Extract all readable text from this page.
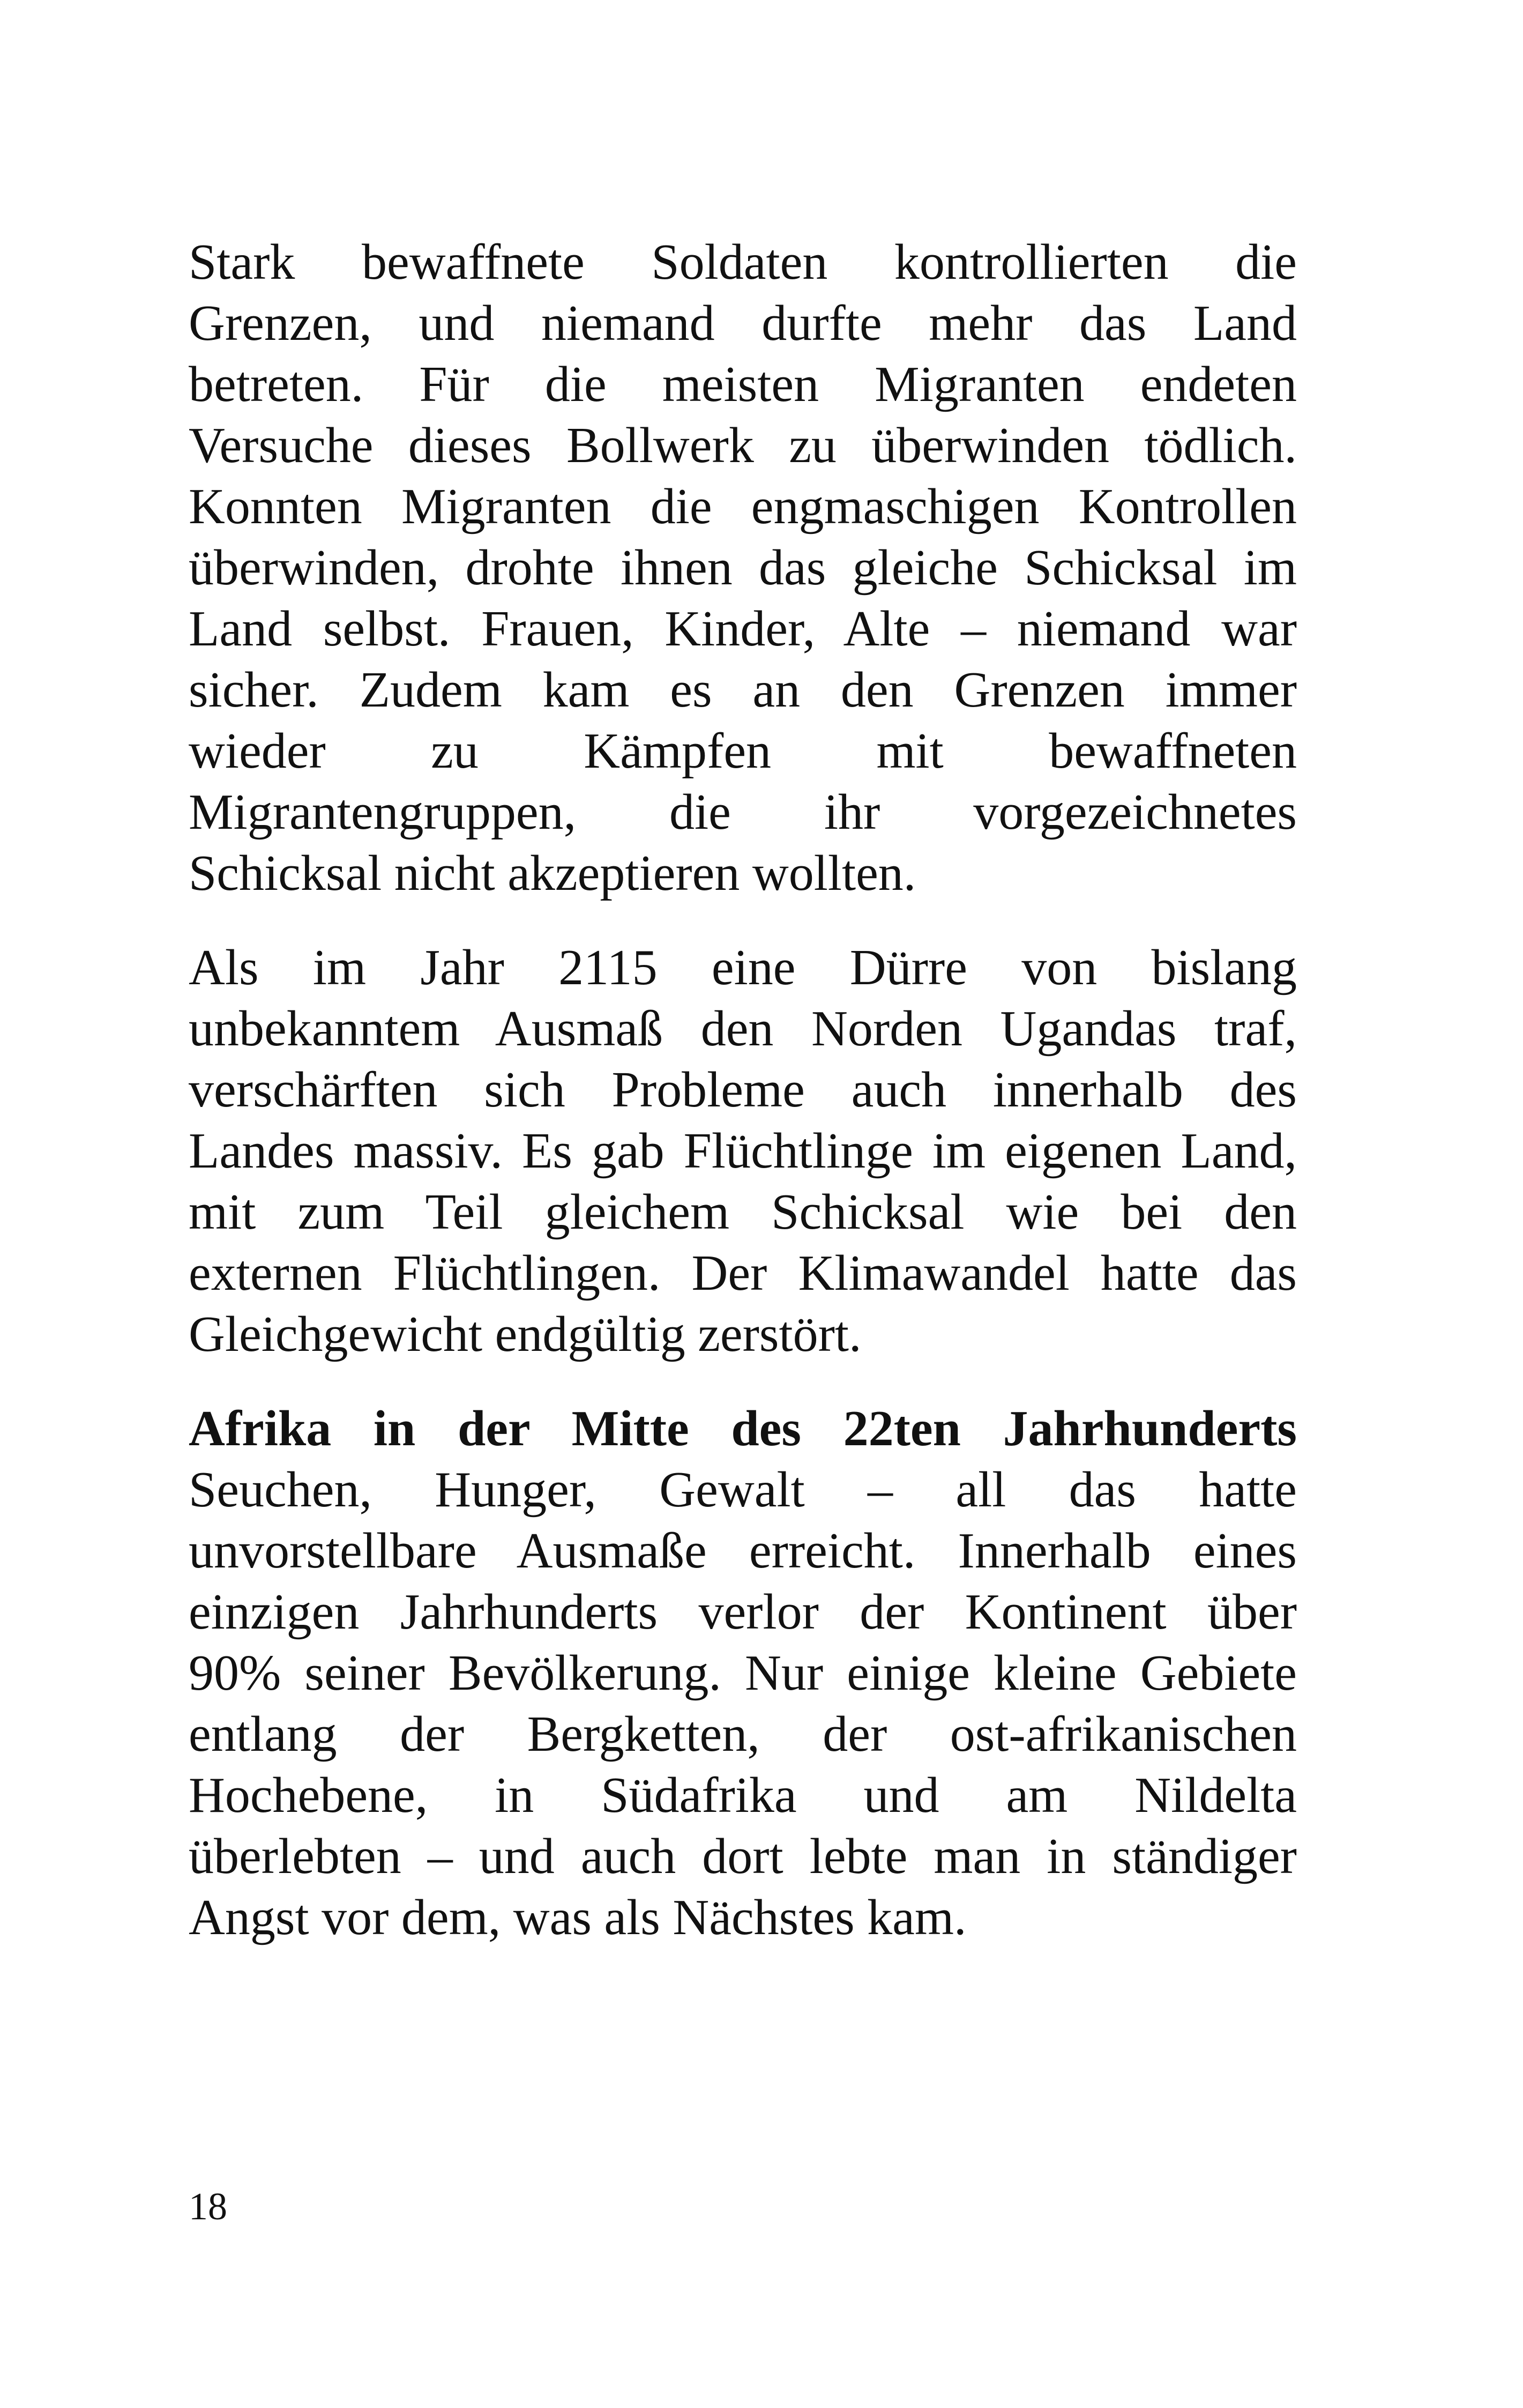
Stark bewaffnete Soldaten kontrollierten die
Grenzen, und niemand durfte mehr das Land
betreten. Für die meisten Migranten endeten
Versuche dieses Bollwerk zu überwinden tödlich.
Konnten Migranten die engmaschigen Kontrollen
überwinden, drohte ihnen das gleiche Schicksal im
Land selbst. Frauen, Kinder, Alte – niemand war
sicher. Zudem kam es an den Grenzen immer
wieder zu Kämpfen mit bewaffneten
Migrantengruppen, die ihr vorgezeichnetes
Schicksal nicht akzeptieren wollten.

Als im Jahr 2115 eine Dürre von bislang
unbekanntem Ausmaß den Norden Ugandas traf,
verschärften sich Probleme auch innerhalb des
Landes massiv. Es gab Flüchtlinge im eigenen Land,
mit zum Teil gleichem Schicksal wie bei den
externen Flüchtlingen. Der Klimawandel hatte das
Gleichgewicht endgültig zerstört.

Afrika in der Mitte des 22ten Jahrhunderts
Seuchen, Hunger, Gewalt – all das hatte
unvorstellbare Ausmaße erreicht. Innerhalb eines
einzigen Jahrhunderts verlor der Kontinent über
90% seiner Bevölkerung. Nur einige kleine Gebiete
entlang der Bergketten, der ost-afrikanischen
Hochebene, in Südafrika und am Nildelta
überlebten – und auch dort lebte man in ständiger
Angst vor dem, was als Nächstes kam.

18
